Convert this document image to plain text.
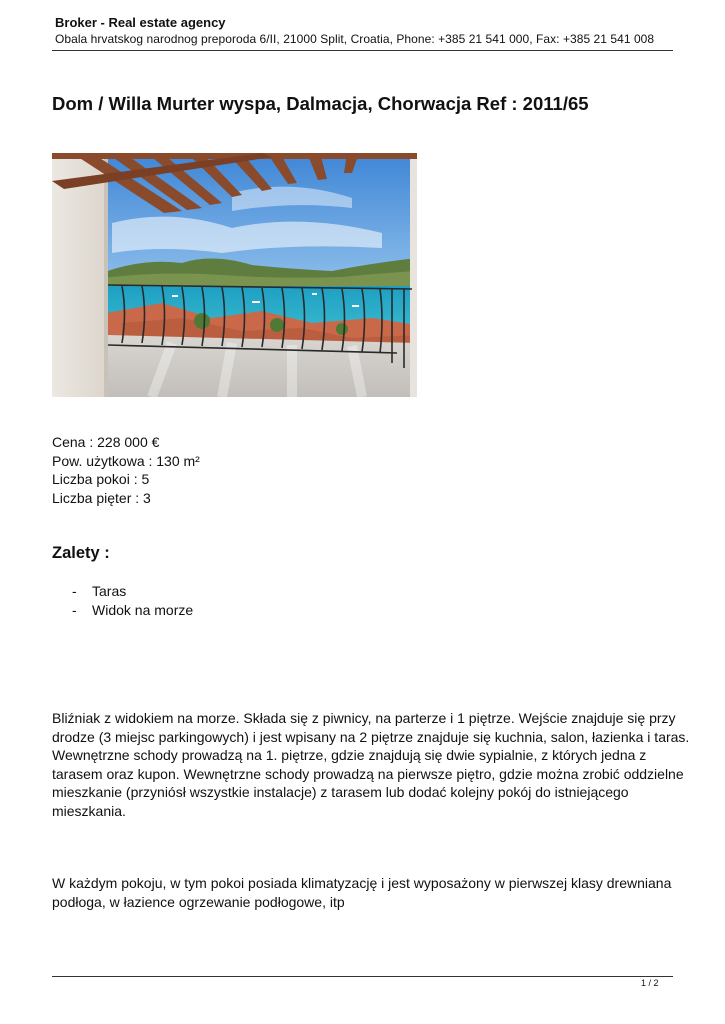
Broker - Real estate agency
Obala hrvatskog narodnog preporoda 6/II, 21000 Split, Croatia, Phone: +385 21 541 000, Fax: +385 21 541 008
Dom / Willa Murter wyspa, Dalmacja, Chorwacja Ref : 2011/65
Cena : 228 000 €
Pow. użytkowa : 130 m²
Liczba pokoi : 5
Liczba pięter : 3
Zalety :
- Taras
- Widok na morze

Bliźniak z widokiem na morze. Składa się z piwnicy, na parterze i 1 piętrze. Wejście znajduje się przy drodze (3 miejsc parkingowych) i jest wpisany na 2 piętrze znajduje się kuchnia, salon, łazienka i taras. Wewnętrzne schody prowadzą na 1. piętrze, gdzie znajdują się dwie sypialnie, z których jedna z tarasem oraz kupon. Wewnętrzne schody prowadzą na pierwsze piętro, gdzie można zrobić oddzielne mieszkanie (przyniósł wszystkie instalacje) z tarasem lub dodać kolejny pokój do istniejącego mieszkania.

W każdym pokoju, w tym pokoi posiada klimatyzację i jest wyposażony w pierwszej klasy drewniana podłoga, w łazience ogrzewanie podłogowe, itp

1 / 2
